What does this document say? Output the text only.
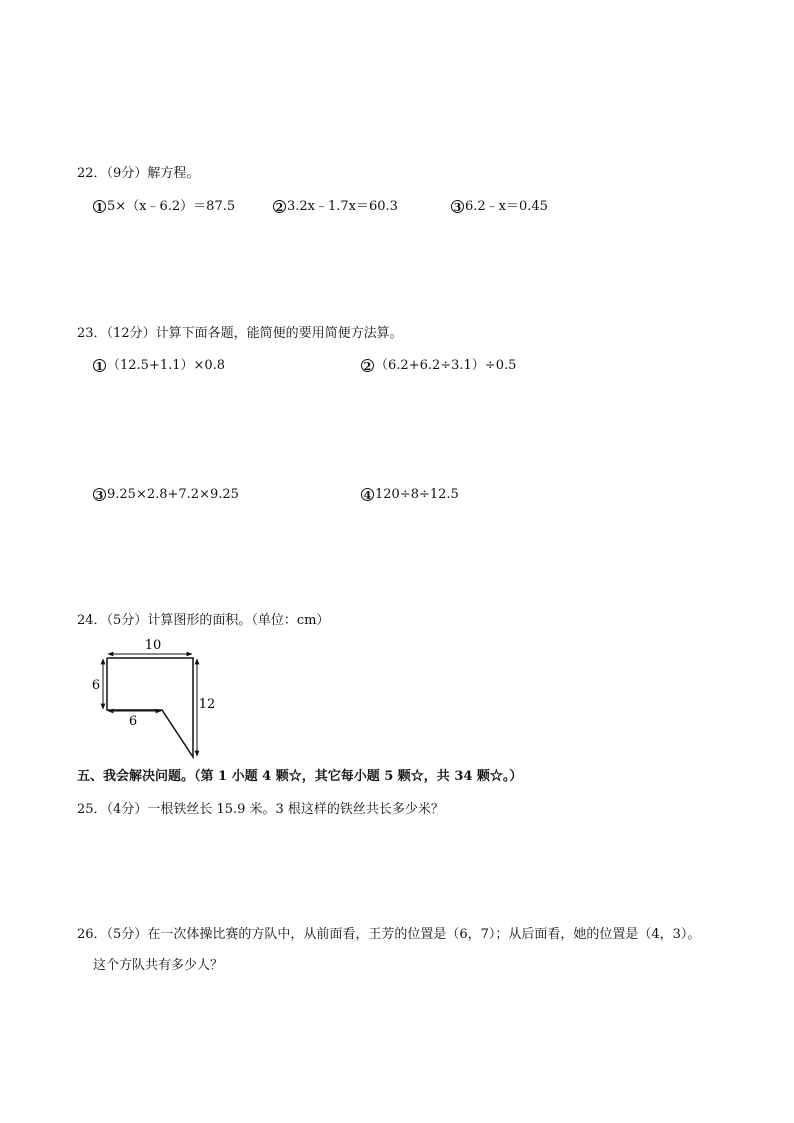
22．（9分）解方程。
1 5×（x﹣6.2）＝87.5	2 3.2x﹣1.7x＝60.3	3 6.2﹣x＝0.45
23．（12分）计算下面各题，能简便的要用简便方法算。
1 （12.5+1.1）×0.8	2 （6.2+6.2÷3.1）÷0.5
3 9.25×2.8+7.2×9.25	4 120÷8÷12.5
24．（5分）计算图形的面积。（单位：cm）
10
6
6
12
五、我会解决问题。（第 1 小题 4 颗☆，其它每小题 5 颗☆，共 34 颗☆。）
25．（4分）一根铁丝长 15.9 米。3 根这样的铁丝共长多少米？
26．（5分）在一次体操比赛的方队中，从前面看，王芳的位置是（6，7）；从后面看，她的位置是（4，3）。
这个方队共有多少人？
